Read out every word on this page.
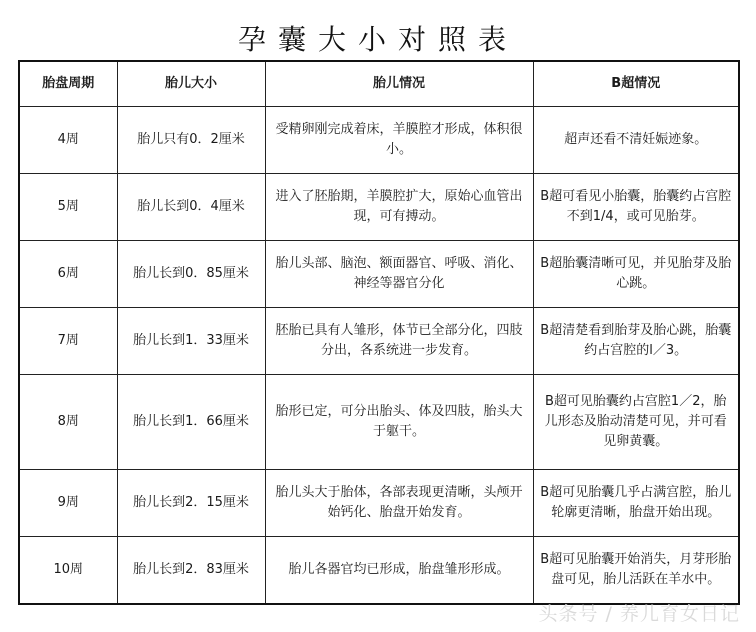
孕囊大小对照表
胎盘周期	胎儿大小	胎儿情况	B超情况
4周	胎儿只有0．2厘米	受精卵刚完成着床，羊膜腔才形成，体积很小。	超声还看不清妊娠迹象。
5周	胎儿长到0．4厘米	进入了胚胎期，羊膜腔扩大，原始心血管出现，可有搏动。	B超可看见小胎囊，胎囊约占宫腔不到1/4，或可见胎芽。
6周	胎儿长到0．85厘米	胎儿头部、脑泡、额面器官、呼吸、消化、神经等器官分化	B超胎囊清晰可见，并见胎芽及胎心跳。
7周	胎儿长到1．33厘米	胚胎已具有人雏形，体节已全部分化，四肢分出，各系统进一步发育。	B超清楚看到胎芽及胎心跳，胎囊约占宫腔的l／3。
8周	胎儿长到1．66厘米	胎形已定，可分出胎头、体及四肢，胎头大于躯干。	B超可见胎囊约占宫腔1／2，胎儿形态及胎动清楚可见，并可看见卵黄囊。
9周	胎儿长到2．15厘米	胎儿头大于胎体，各部表现更清晰，头颅开始钙化、胎盘开始发育。	B超可见胎囊几乎占满宫腔，胎儿轮廓更清晰，胎盘开始出现。
10周	胎儿长到2．83厘米	胎儿各器官均已形成，胎盘雏形形成。	B超可见胎囊开始消失，月芽形胎盘可见，胎儿活跃在羊水中。
头条号 / 养儿育女日记
